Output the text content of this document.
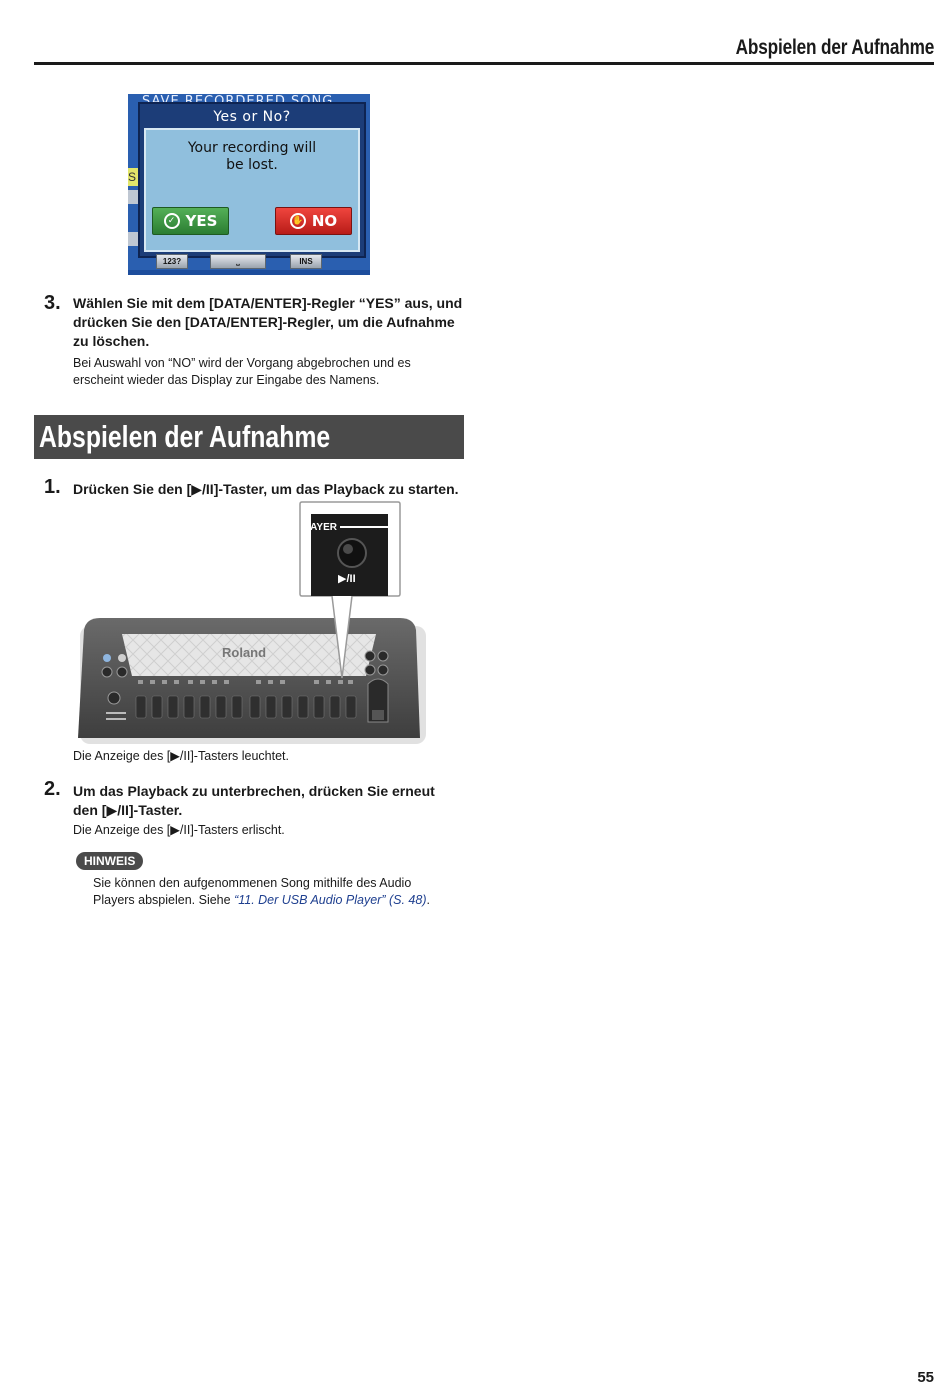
Abspielen der Aufnahme
S
Yes or No?
Your recording will
be lost.
✓ YES	✋ NO
123?	⎵	INS
3. Wählen Sie mit dem [DATA/ENTER]-Regler “YES” aus, und
drücken Sie den [DATA/ENTER]-Regler, um die Aufnahme
zu löschen.
Bei Auswahl von “NO” wird der Vorgang abgebrochen und es
erscheint wieder das Display zur Eingabe des Namens.
Abspielen der Aufnahme
1. Drücken Sie den [▶/II]-Taster, um das Playback zu starten.
LAYER
▶/II
Roland
Die Anzeige des [▶/II]-Tasters leuchtet.
2. Um das Playback zu unterbrechen, drücken Sie erneut
den [▶/II]-Taster.
Die Anzeige des [▶/II]-Tasters erlischt.
HINWEIS
Sie können den aufgenommenen Song mithilfe des Audio
Players abspielen. Siehe “11. Der USB Audio Player” (S. 48).
55
